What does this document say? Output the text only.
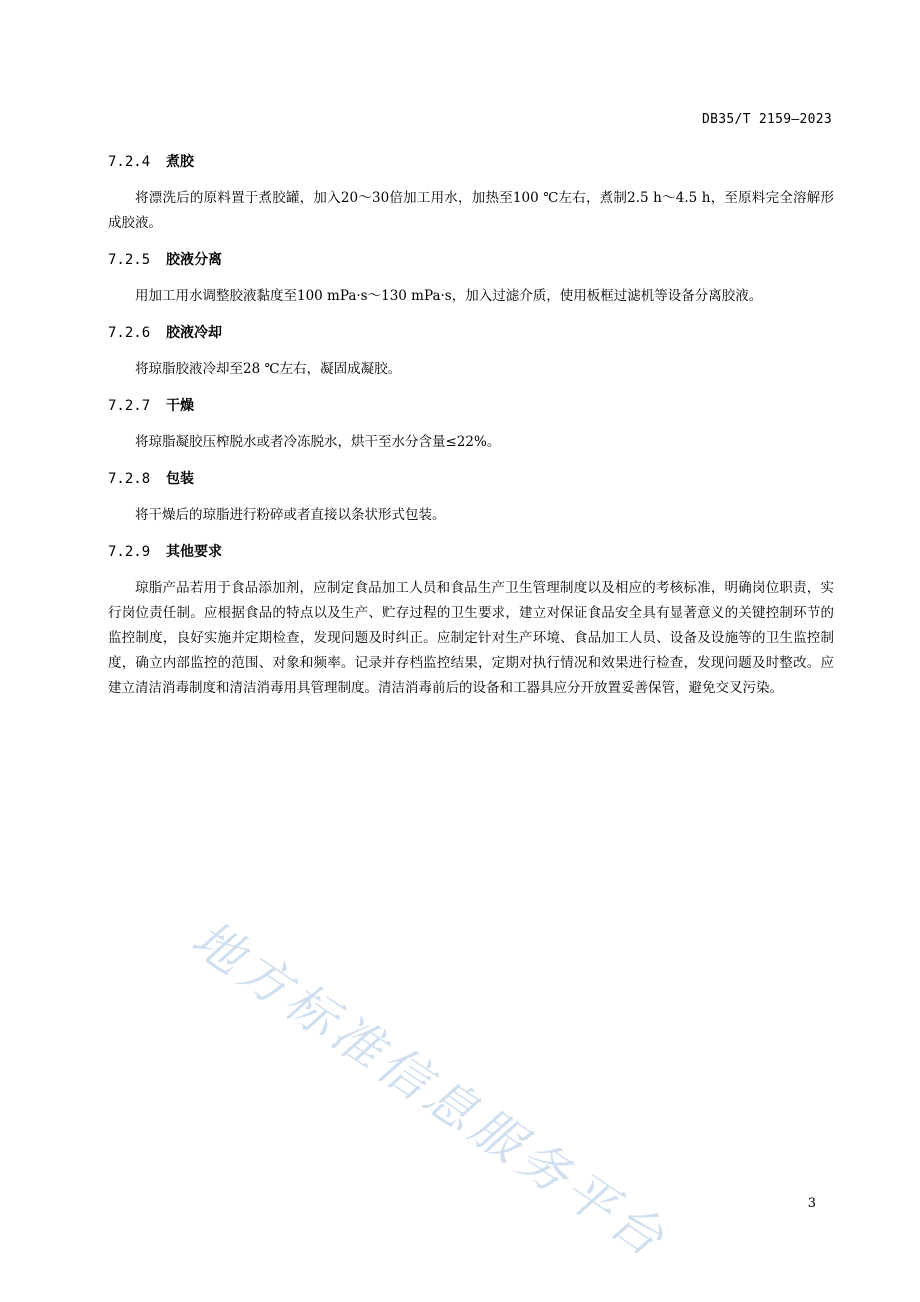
DB35/T 2159—2023
7.2.4	煮胶

将漂洗后的原料置于煮胶罐，加入20～30倍加工用水，加热至100 ℃左右，煮制2.5 h～4.5 h，至原料完全溶解形成胶液。

7.2.5	胶液分离

用加工用水调整胶液黏度至100 mPa·s～130 mPa·s，加入过滤介质，使用板框过滤机等设备分离胶液。

7.2.6	胶液冷却

将琼脂胶液冷却至28 ℃左右，凝固成凝胶。

7.2.7	干燥

将琼脂凝胶压榨脱水或者冷冻脱水，烘干至水分含量≤22%。

7.2.8	包装

将干燥后的琼脂进行粉碎或者直接以条状形式包装。

7.2.9	其他要求

琼脂产品若用于食品添加剂，应制定食品加工人员和食品生产卫生管理制度以及相应的考核标准，明确岗位职责，实行岗位责任制。应根据食品的特点以及生产、贮存过程的卫生要求，建立对保证食品安全具有显著意义的关键控制环节的监控制度，良好实施并定期检查，发现问题及时纠正。应制定针对生产环境、食品加工人员、设备及设施等的卫生监控制度，确立内部监控的范围、对象和频率。记录并存档监控结果，定期对执行情况和效果进行检查，发现问题及时整改。应建立清洁消毒制度和清洁消毒用具管理制度。清洁消毒前后的设备和工器具应分开放置妥善保管，避免交叉污染。

地方标准信息服务平台	3
